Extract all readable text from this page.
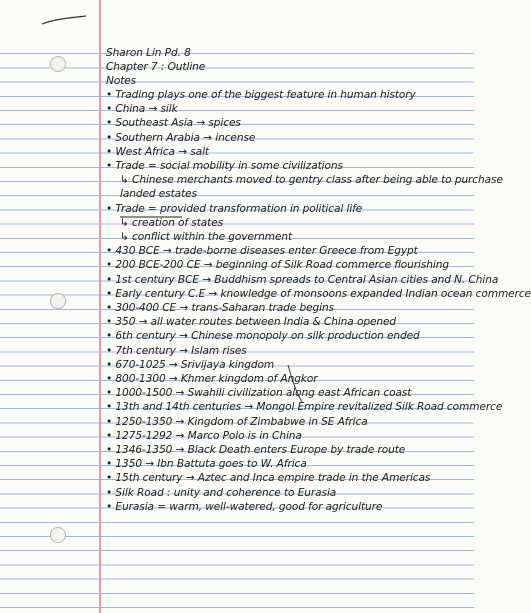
Sharon Lin Pd. 8
Chapter 7 : Outline
Notes
• Trading plays one of the biggest feature in human history
• China → silk
• Southeast Asia → spices
• Southern Arabia → incense
• West Africa → salt
• Trade = social mobility in some civilizations
↳ Chinese merchants moved to gentry class after being able to purchase
landed estates
• Trade = provided transformation in political life
↳ creation of states
↳ conflict within the government
• 430 BCE → trade-borne diseases enter Greece from Egypt
• 200 BCE-200 CE → beginning of Silk Road commerce flourishing
• 1st century BCE → Buddhism spreads to Central Asian cities and N. China
• Early century C.E → knowledge of monsoons expanded Indian ocean commerce
• 300-400 CE → trans-Saharan trade begins
• 350 → all water routes between India & China opened
• 6th century → Chinese monopoly on silk production ended
• 7th century → Islam rises
• 670-1025 → Srivijaya kingdom
• 800-1300 → Khmer kingdom of Angkor
• 1000-1500 → Swahili civilization along east African coast
• 13th and 14th centuries → Mongol Empire revitalized Silk Road commerce
• 1250-1350 → Kingdom of Zimbabwe in SE Africa
• 1275-1292 → Marco Polo is in China
• 1346-1350 → Black Death enters Europe by trade route
• 1350 → Ibn Battuta goes to W. Africa
• 15th century → Aztec and Inca empire trade in the Americas
• Silk Road : unity and coherence to Eurasia
• Eurasia = warm, well-watered, good for agriculture
